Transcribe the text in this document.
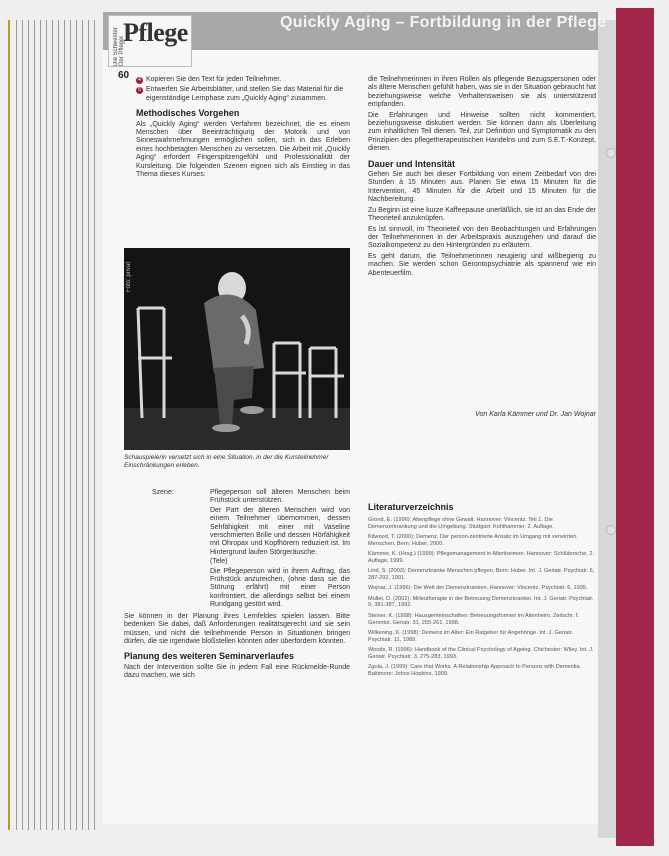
Die Schwester Der Pfleger
Pflege	Quickly Aging – Fortbildung in der Pflege
60	4 Kopieren Sie den Text für jeden Teilnehmer.
5 Entwerfen Sie Arbeitsblätter, und stellen Sie das Material für die eigenständige Lernphase zum „Quickly Aging“ zusammen.

Methodisches Vorgehen

Als „Quickly Aging“ werden Verfahren bezeichnet, die es einem Menschen über Beeinträchtigung der Motorik und von Sinneswahrnehmungen ermöglichen sollen, sich in das Erleben eines hochbetagten Menschen zu versetzen. Die Arbeit mit „Quickly Aging“ erfordert Fingerspitzengefühl und Professionalität der Kursleitung. Die folgenden Szenen eignen sich als Einstieg in das Thema dieses Kurses:

Foto: privat
Schauspielerin versetzt sich in eine Situation, in der die Kursteilnehmer Einschränkungen erleben.
Szene:	Pflegeperson soll älteren Menschen beim Frühstück unterstützen.

Der Part der älteren Menschen wird von einem Teilnehmer übernommen, dessen Sehfähigkeit mit einer mit Vaseline verschmierten Brille und dessen Hörfähigkeit mit Ohropax und Kopfhörern reduziert ist. Im Hintergrund laufen Störgeräusche.

(Tele)

Die Pflegeperson wird in ihrem Auftrag, das Frühstück anzureichen, (ohne dass sie die Störung erfährt) mit einer Person konfrontiert, die allerdings selbst bei einem Rundgang gestört wird.

Sie können in der Planung ihres Lernfeldes spielen lassen. Bitte bedenken Sie dabei, daß Anforderungen realitätsgerecht und sie sein müssen, und nicht die teilnehmende Person in Situationen bringen dürfen, die sie irgendwie bloßstellen könnten oder überfordern könnten.

Planung des weiteren Seminarverlaufes

Nach der Intervention sollte Sie in jedem Fall eine Rückmelde-Runde dazu machen, wie sich

die Teilnehmerinnen in ihren Rollen als pflegende Bezugspersonen oder als ältere Menschen gefühlt haben, was sie in der Situation gebraucht hat beziehungsweise welche Verhaltensweisen sie als unterstützend empfanden.

Die Erfahrungen und Hinweise sollten nicht kommentiert, beziehungsweise diskutiert werden. Sie können dann als Überleitung zum inhaltlichen Teil dienen. Teil, zur Definition und Symptomatik zu den Prinzipien des pflegetherapeutischen Handelns und zum S.E.T.-Konzept, dienen.

Dauer und Intensität

Gehen Sie auch bei dieser Fortbildung von einem Zeitbedarf von drei Stunden à 15 Minuten aus. Planen Sie etwa 15 Minuten für die Intervention, 45 Minuten für die Arbeit und 15 Minuten für die Nachbereitung.

Zu Beginn ist eine kurze Kaffeepause unerläßlich, sie ist an das Ende der Theorieteil anzuknüpfen.

Es ist sinnvoll, im Theorieteil von den Beobachtungen und Erfahrungen der Teilnehmerinnen in der Arbeitspraxis auszugehen und darauf die Sozialkompetenz zu den Hintergründen zu erläutern.

Es geht darum, die Teilnehmerinnen neugierig und wißbegierig zu machen. Sie werden schon Gerontopsychiatrie als spannend wie ein Abenteuerfilm.

Von Karla Kämmer und Dr. Jan Wojnar
Literaturverzeichnis

Grond, E. (1996): Altenpflege ohne Gewalt. Hannover: Vincentz. Teil 1. Die Demenzerkrankung und die Umgebung. Stuttgart: Kohlhammer. 2. Auflage.

Kitwood, T. (2000): Demenz. Der person-zentrierte Ansatz im Umgang mit verwirrten Menschen. Bern: Huber, 2000.

Kämmer, K. (Hrsg.) (1999): Pflegemanagement in Altenheimen. Hannover: Schlütersche, 2. Auflage, 1999.

Lind, S. (2003): Demenzkranke Menschen pflegen. Bern: Huber. Int. J. Geriatr. Psychiatr. 6, 287-292, 1991.

Wojnar, J. (1996): Die Welt der Demenzkranken. Hannover: Vincentz. Psychiatr. 6, 1995.

Müller, D. (2002): Milieutherapie in der Betreuung Demenzkranker. Int. J. Geriatr. Psychiatr. 9, 381-387, 1992.

Steiner, K. (1998): Hausgemeinschaften: Betreuungsformen im Altenheim. Zeitschr. f. Gerontol. Geriatr. 31, 255-261, 1998.

Wilkening, K. (1998): Demenz im Alter: Ein Ratgeber für Angehörige. Int. J. Geriatr. Psychiatr. 11, 1989.

Woods, R. (1996): Handbook of the Clinical Psychology of Ageing. Chichester: Wiley. Int. J. Geriatr. Psychiatr. 3, 275-283, 1993.

Zgola, J. (1999): Care that Works. A Relationship Approach to Persons with Dementia. Baltimore: Johns Hopkins, 1999.
